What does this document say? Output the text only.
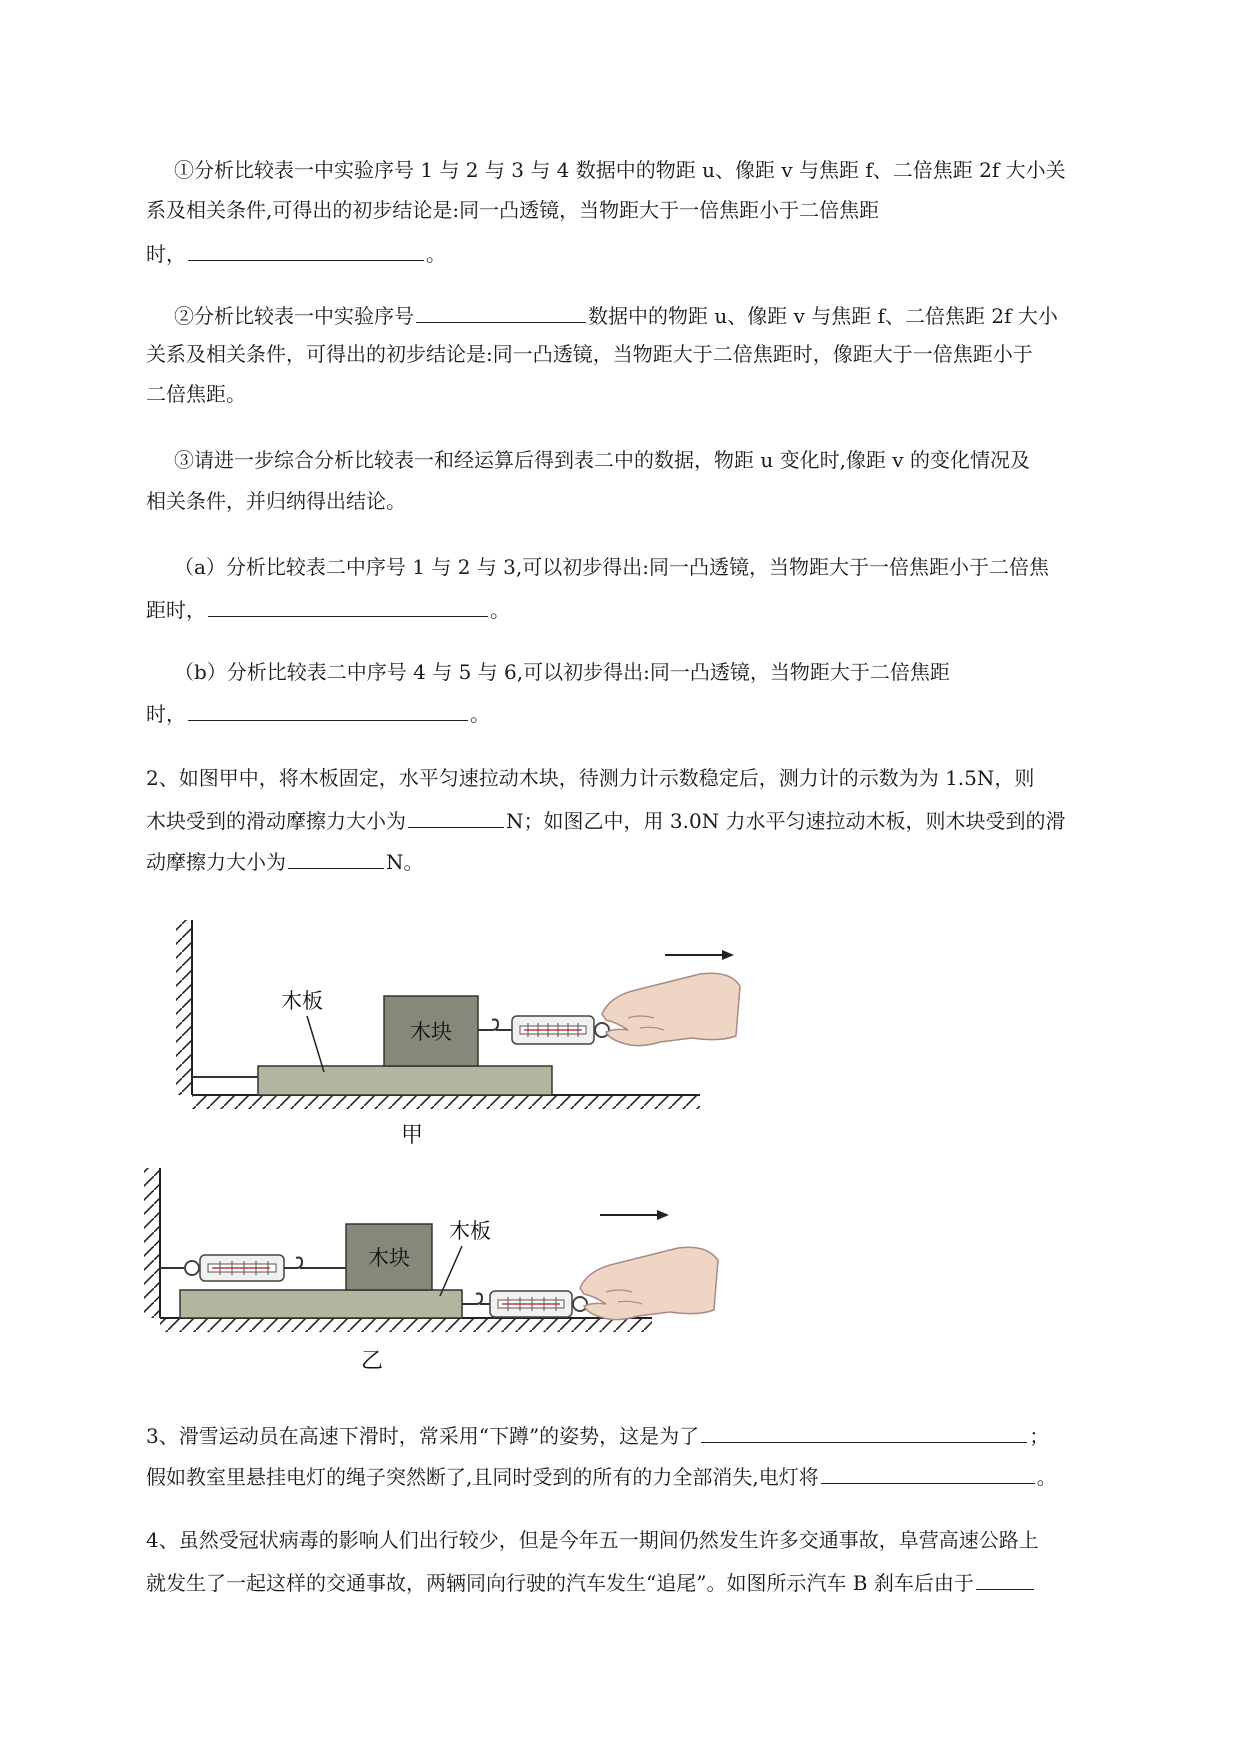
①分析比较表一中实验序号 1 与 2 与 3 与 4 数据中的物距 u、像距 v 与焦距 f、二倍焦距 2f 大小关
系及相关条件,可得出的初步结论是:同一凸透镜，当物距大于一倍焦距小于二倍焦距
时，	。
②分析比较表一中实验序号	数据中的物距 u、像距 v 与焦距 f、二倍焦距 2f 大小
关系及相关条件，可得出的初步结论是:同一凸透镜，当物距大于二倍焦距时，像距大于一倍焦距小于
二倍焦距。
③请进一步综合分析比较表一和经运算后得到表二中的数据，物距 u 变化时,像距 v 的变化情况及
相关条件，并归纳得出结论。
（a）分析比较表二中序号 1 与 2 与 3,可以初步得出:同一凸透镜，当物距大于一倍焦距小于二倍焦
距时，	。
（b）分析比较表二中序号 4 与 5 与 6,可以初步得出:同一凸透镜，当物距大于二倍焦距
时，	。
2、如图甲中，将木板固定，水平匀速拉动木块，待测力计示数稳定后，测力计的示数为为 1.5N，则
木块受到的滑动摩擦力大小为	N；如图乙中，用 3.0N 力水平匀速拉动木板，则木块受到的滑
动摩擦力大小为	N。
木块
木板
甲
木块
木板
乙
3、滑雪运动员在高速下滑时，常采用“下蹲”的姿势，这是为了	；
假如教室里悬挂电灯的绳子突然断了,且同时受到的所有的力全部消失,电灯将	。
4、虽然受冠状病毒的影响人们出行较少，但是今年五一期间仍然发生许多交通事故，阜营高速公路上
就发生了一起这样的交通事故，两辆同向行驶的汽车发生“追尾”。如图所示汽车 B 刹车后由于
